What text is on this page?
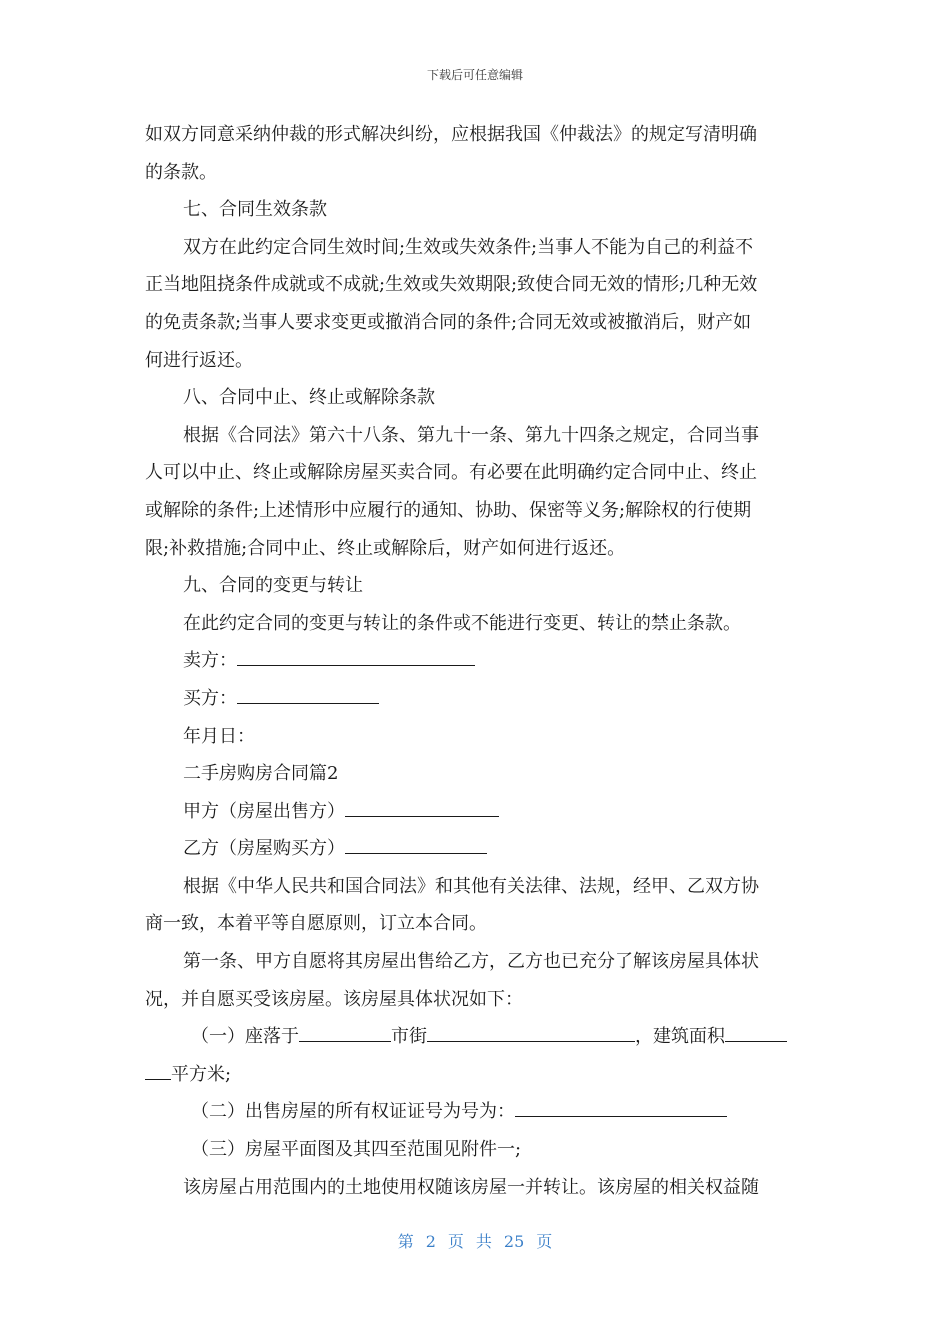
下载后可任意编辑
如双方同意采纳仲裁的形式解决纠纷，应根据我国《仲裁法》的规定写清明确
的条款。
七、合同生效条款
双方在此约定合同生效时间;生效或失效条件;当事人不能为自己的利益不
正当地阻挠条件成就或不成就;生效或失效期限;致使合同无效的情形;几种无效
的免责条款;当事人要求变更或撤消合同的条件;合同无效或被撤消后，财产如
何进行返还。
八、合同中止、终止或解除条款
根据《合同法》第六十八条、第九十一条、第九十四条之规定，合同当事
人可以中止、终止或解除房屋买卖合同。有必要在此明确约定合同中止、终止
或解除的条件;上述情形中应履行的通知、协助、保密等义务;解除权的行使期
限;补救措施;合同中止、终止或解除后，财产如何进行返还。
九、合同的变更与转让
在此约定合同的变更与转让的条件或不能进行变更、转让的禁止条款。
卖方：
买方：
年月日：
二手房购房合同篇2
甲方（房屋出售方）
乙方（房屋购买方）
根据《中华人民共和国合同法》和其他有关法律、法规，经甲、乙双方协
商一致，本着平等自愿原则，订立本合同。
第一条、甲方自愿将其房屋出售给乙方，乙方也已充分了解该房屋具体状
况，并自愿买受该房屋。该房屋具体状况如下：
（一）座落于	市街	，建筑面积
平方米;
（二）出售房屋的所有权证证号为号为：
（三）房屋平面图及其四至范围见附件一;
该房屋占用范围内的土地使用权随该房屋一并转让。该房屋的相关权益随
第 2 页 共 25 页
